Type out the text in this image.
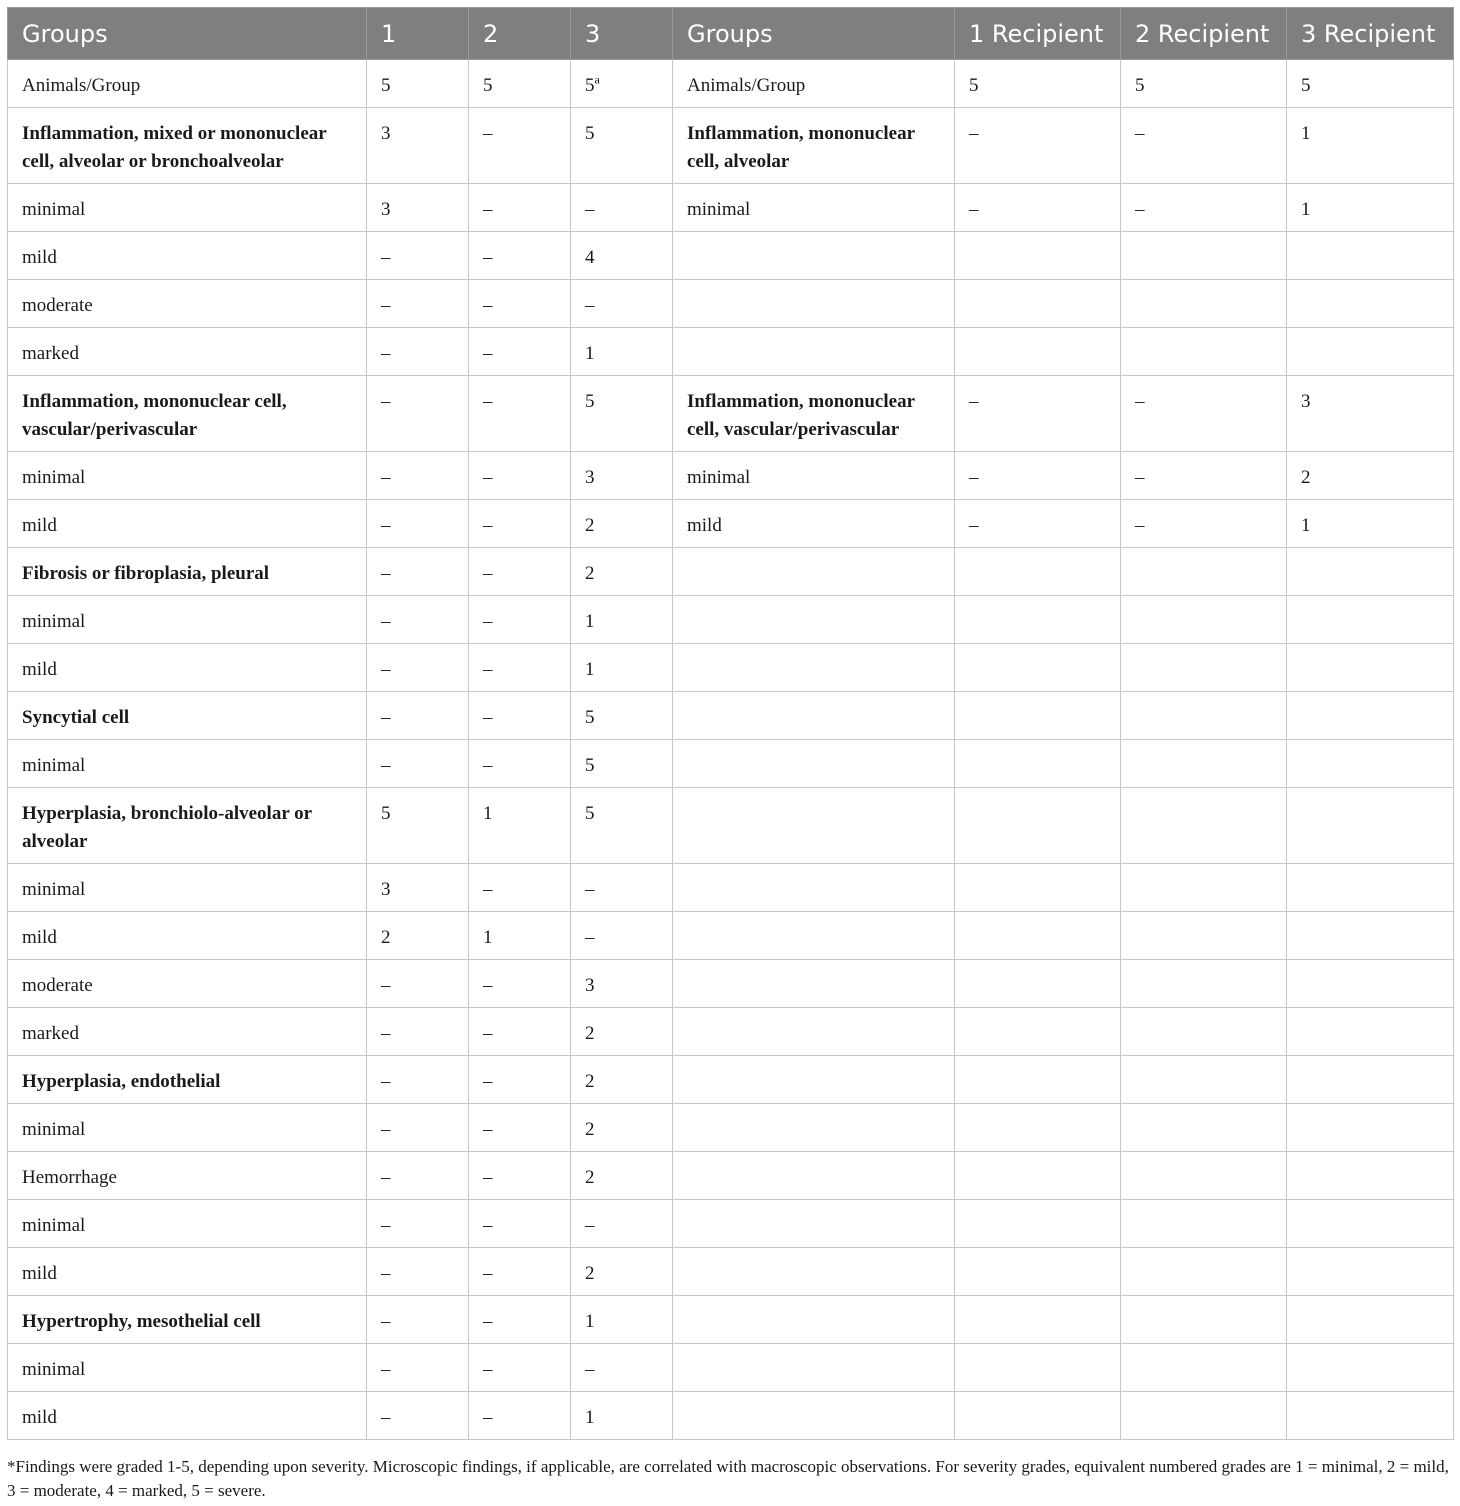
Groups	1	2	3	Groups	1 Recipient	2 Recipient	3 Recipient
Animals/Group	5	5	5$^a$	Animals/Group	5	5	5
Inflammation, mixed or mononuclear cell, alveolar or bronchoalveolar	3	–	5	Inflammation, mononuclear cell, alveolar	–	–	1
minimal	3	–	–	minimal	–	–	1
mild	–	–	4				
moderate	–	–	–				
marked	–	–	1				
Inflammation, mononuclear cell, vascular/perivascular	–	–	5	Inflammation, mononuclear cell, vascular/perivascular	–	–	3
minimal	–	–	3	minimal	–	–	2
mild	–	–	2	mild	–	–	1
Fibrosis or fibroplasia, pleural	–	–	2				
minimal	–	–	1				
mild	–	–	1				
Syncytial cell	–	–	5				
minimal	–	–	5				
Hyperplasia, bronchiolo-alveolar or alveolar	5	1	5				
minimal	3	–	–				
mild	2	1	–				
moderate	–	–	3				
marked	–	–	2				
Hyperplasia, endothelial	–	–	2				
minimal	–	–	2				
Hemorrhage	–	–	2				
minimal	–	–	–				
mild	–	–	2				
Hypertrophy, mesothelial cell	–	–	1				
minimal	–	–	–				
mild	–	–	1				
*Findings were graded 1-5, depending upon severity. Microscopic findings, if applicable, are correlated with macroscopic observations. For severity grades, equivalent numbered grades are 1 = minimal, 2 = mild, 3 = moderate, 4 = marked, 5 = severe.
